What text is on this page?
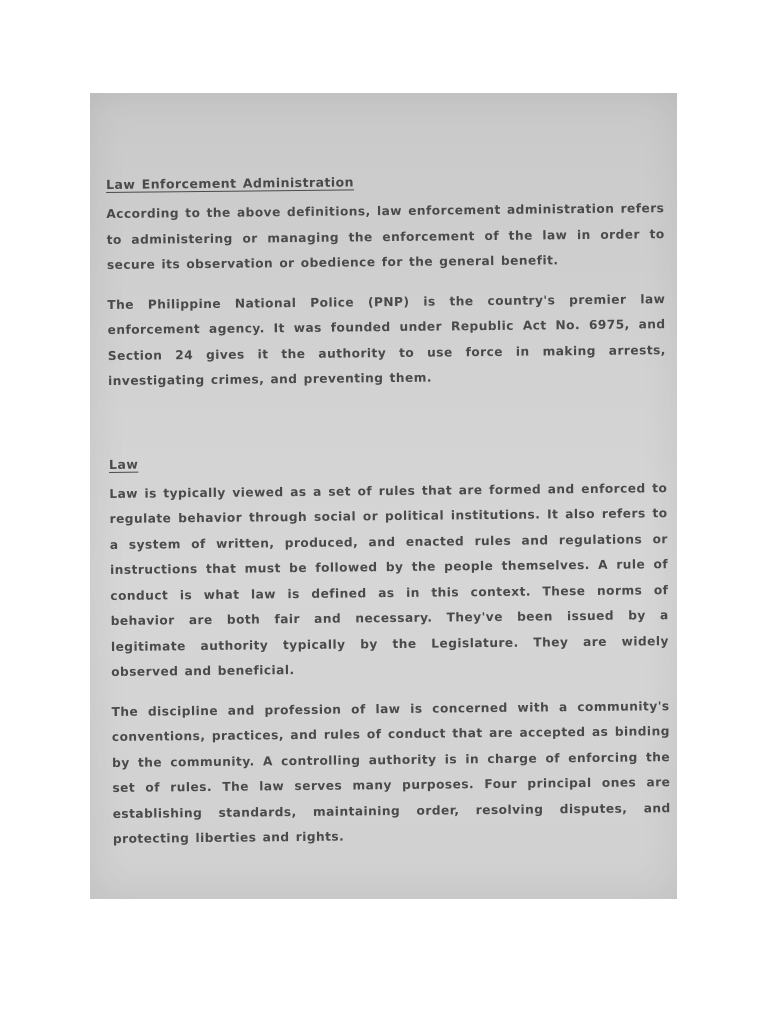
Law Enforcement Administration

According to the above definitions, law enforcement administration refers to administering or managing the enforcement of the law in order to secure its observation or obedience for the general benefit.

The Philippine National Police (PNP) is the country's premier law enforcement agency. It was founded under Republic Act No. 6975, and Section 24 gives it the authority to use force in making arrests, investigating crimes, and preventing them.

Law

Law is typically viewed as a set of rules that are formed and enforced to regulate behavior through social or political institutions. It also refers to a system of written, produced, and enacted rules and regulations or instructions that must be followed by the people themselves. A rule of conduct is what law is defined as in this context. These norms of behavior are both fair and necessary. They've been issued by a legitimate authority typically by the Legislature. They are widely observed and beneficial.

The discipline and profession of law is concerned with a community's conventions, practices, and rules of conduct that are accepted as binding by the community. A controlling authority is in charge of enforcing the set of rules. The law serves many purposes. Four principal ones are establishing standards, maintaining order, resolving disputes, and protecting liberties and rights.
